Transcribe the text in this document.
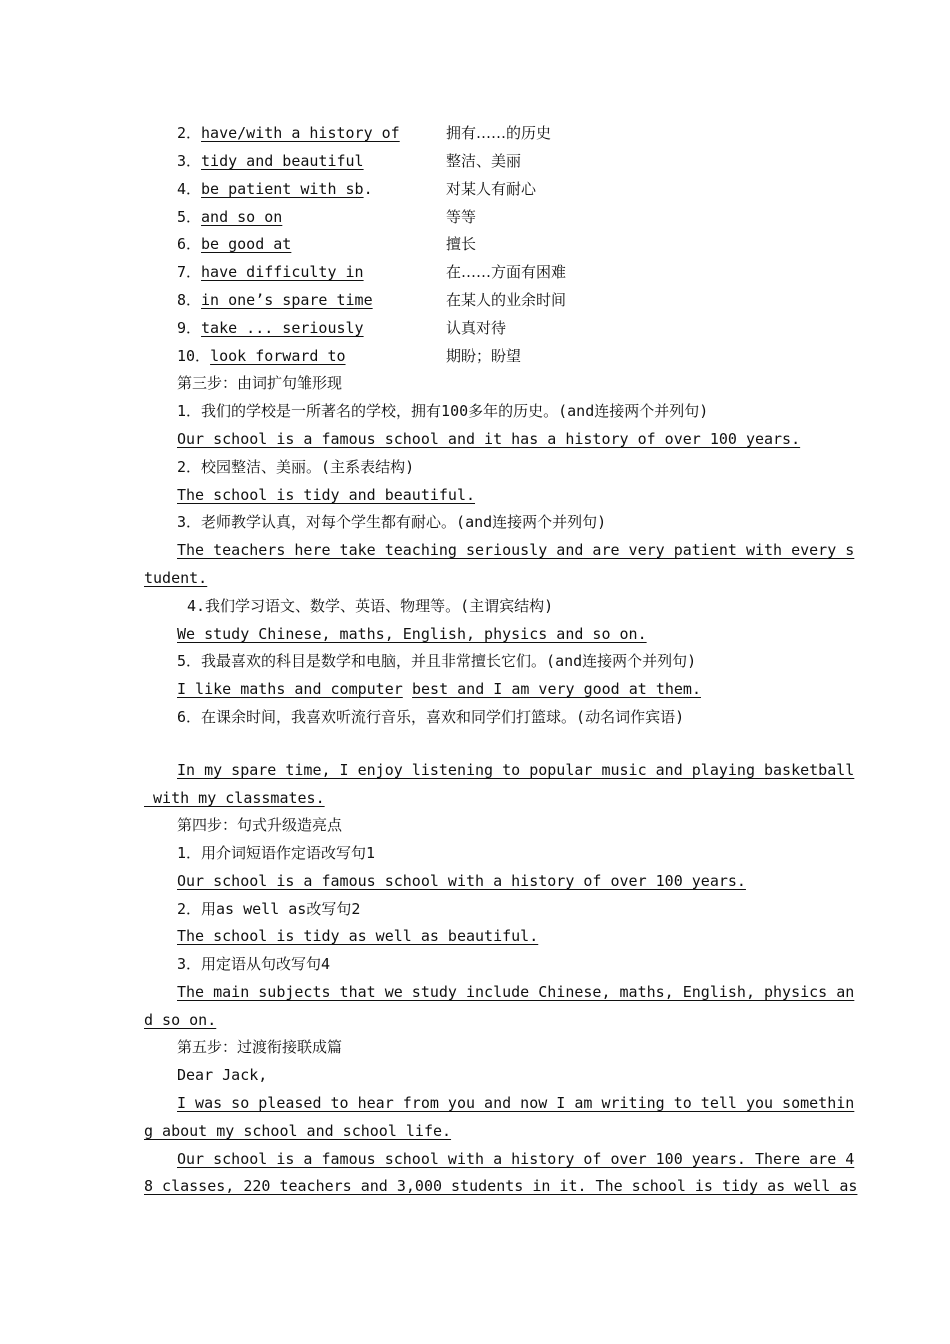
2．have/with a history of	拥有……的历史
3．tidy and beautiful	整洁、美丽
4．be patient with sb.	对某人有耐心
5．and so on	等等
6．be good at	擅长
7．have difficulty in	在……方面有困难
8．in one’s spare time	在某人的业余时间
9．take ... seriously	认真对待
10．look forward to	期盼；盼望
第三步：由词扩句雏形现
1．我们的学校是一所著名的学校，拥有100多年的历史。(and连接两个并列句)
Our school is a famous school and it has a history of over 100 years.
2．校园整洁、美丽。(主系表结构)
The school is tidy and beautiful.
3．老师教学认真，对每个学生都有耐心。(and连接两个并列句)
The teachers here take teaching seriously and are very patient with every s
tudent.
4.我们学习语文、数学、英语、物理等。(主谓宾结构)
We study Chinese, maths, English, physics and so on.
5．我最喜欢的科目是数学和电脑，并且非常擅长它们。(and连接两个并列句)
I like maths and computer best and I am very good at them.
6．在课余时间，我喜欢听流行音乐，喜欢和同学们打篮球。(动名词作宾语)
In my spare time, I enjoy listening to popular music and playing basketball
with my classmates.
第四步：句式升级造亮点
1．用介词短语作定语改写句1
Our school is a famous school with a history of over 100 years.
2．用as well as改写句2
The school is tidy as well as beautiful.
3．用定语从句改写句4
The main subjects that we study include Chinese, maths, English, physics an
d so on.
第五步：过渡衔接联成篇
Dear Jack,
I was so pleased to hear from you and now I am writing to tell you somethin
g about my school and school life.
Our school is a famous school with a history of over 100 years. There are 4
8 classes, 220 teachers and 3,000 students in it. The school is tidy as well as
